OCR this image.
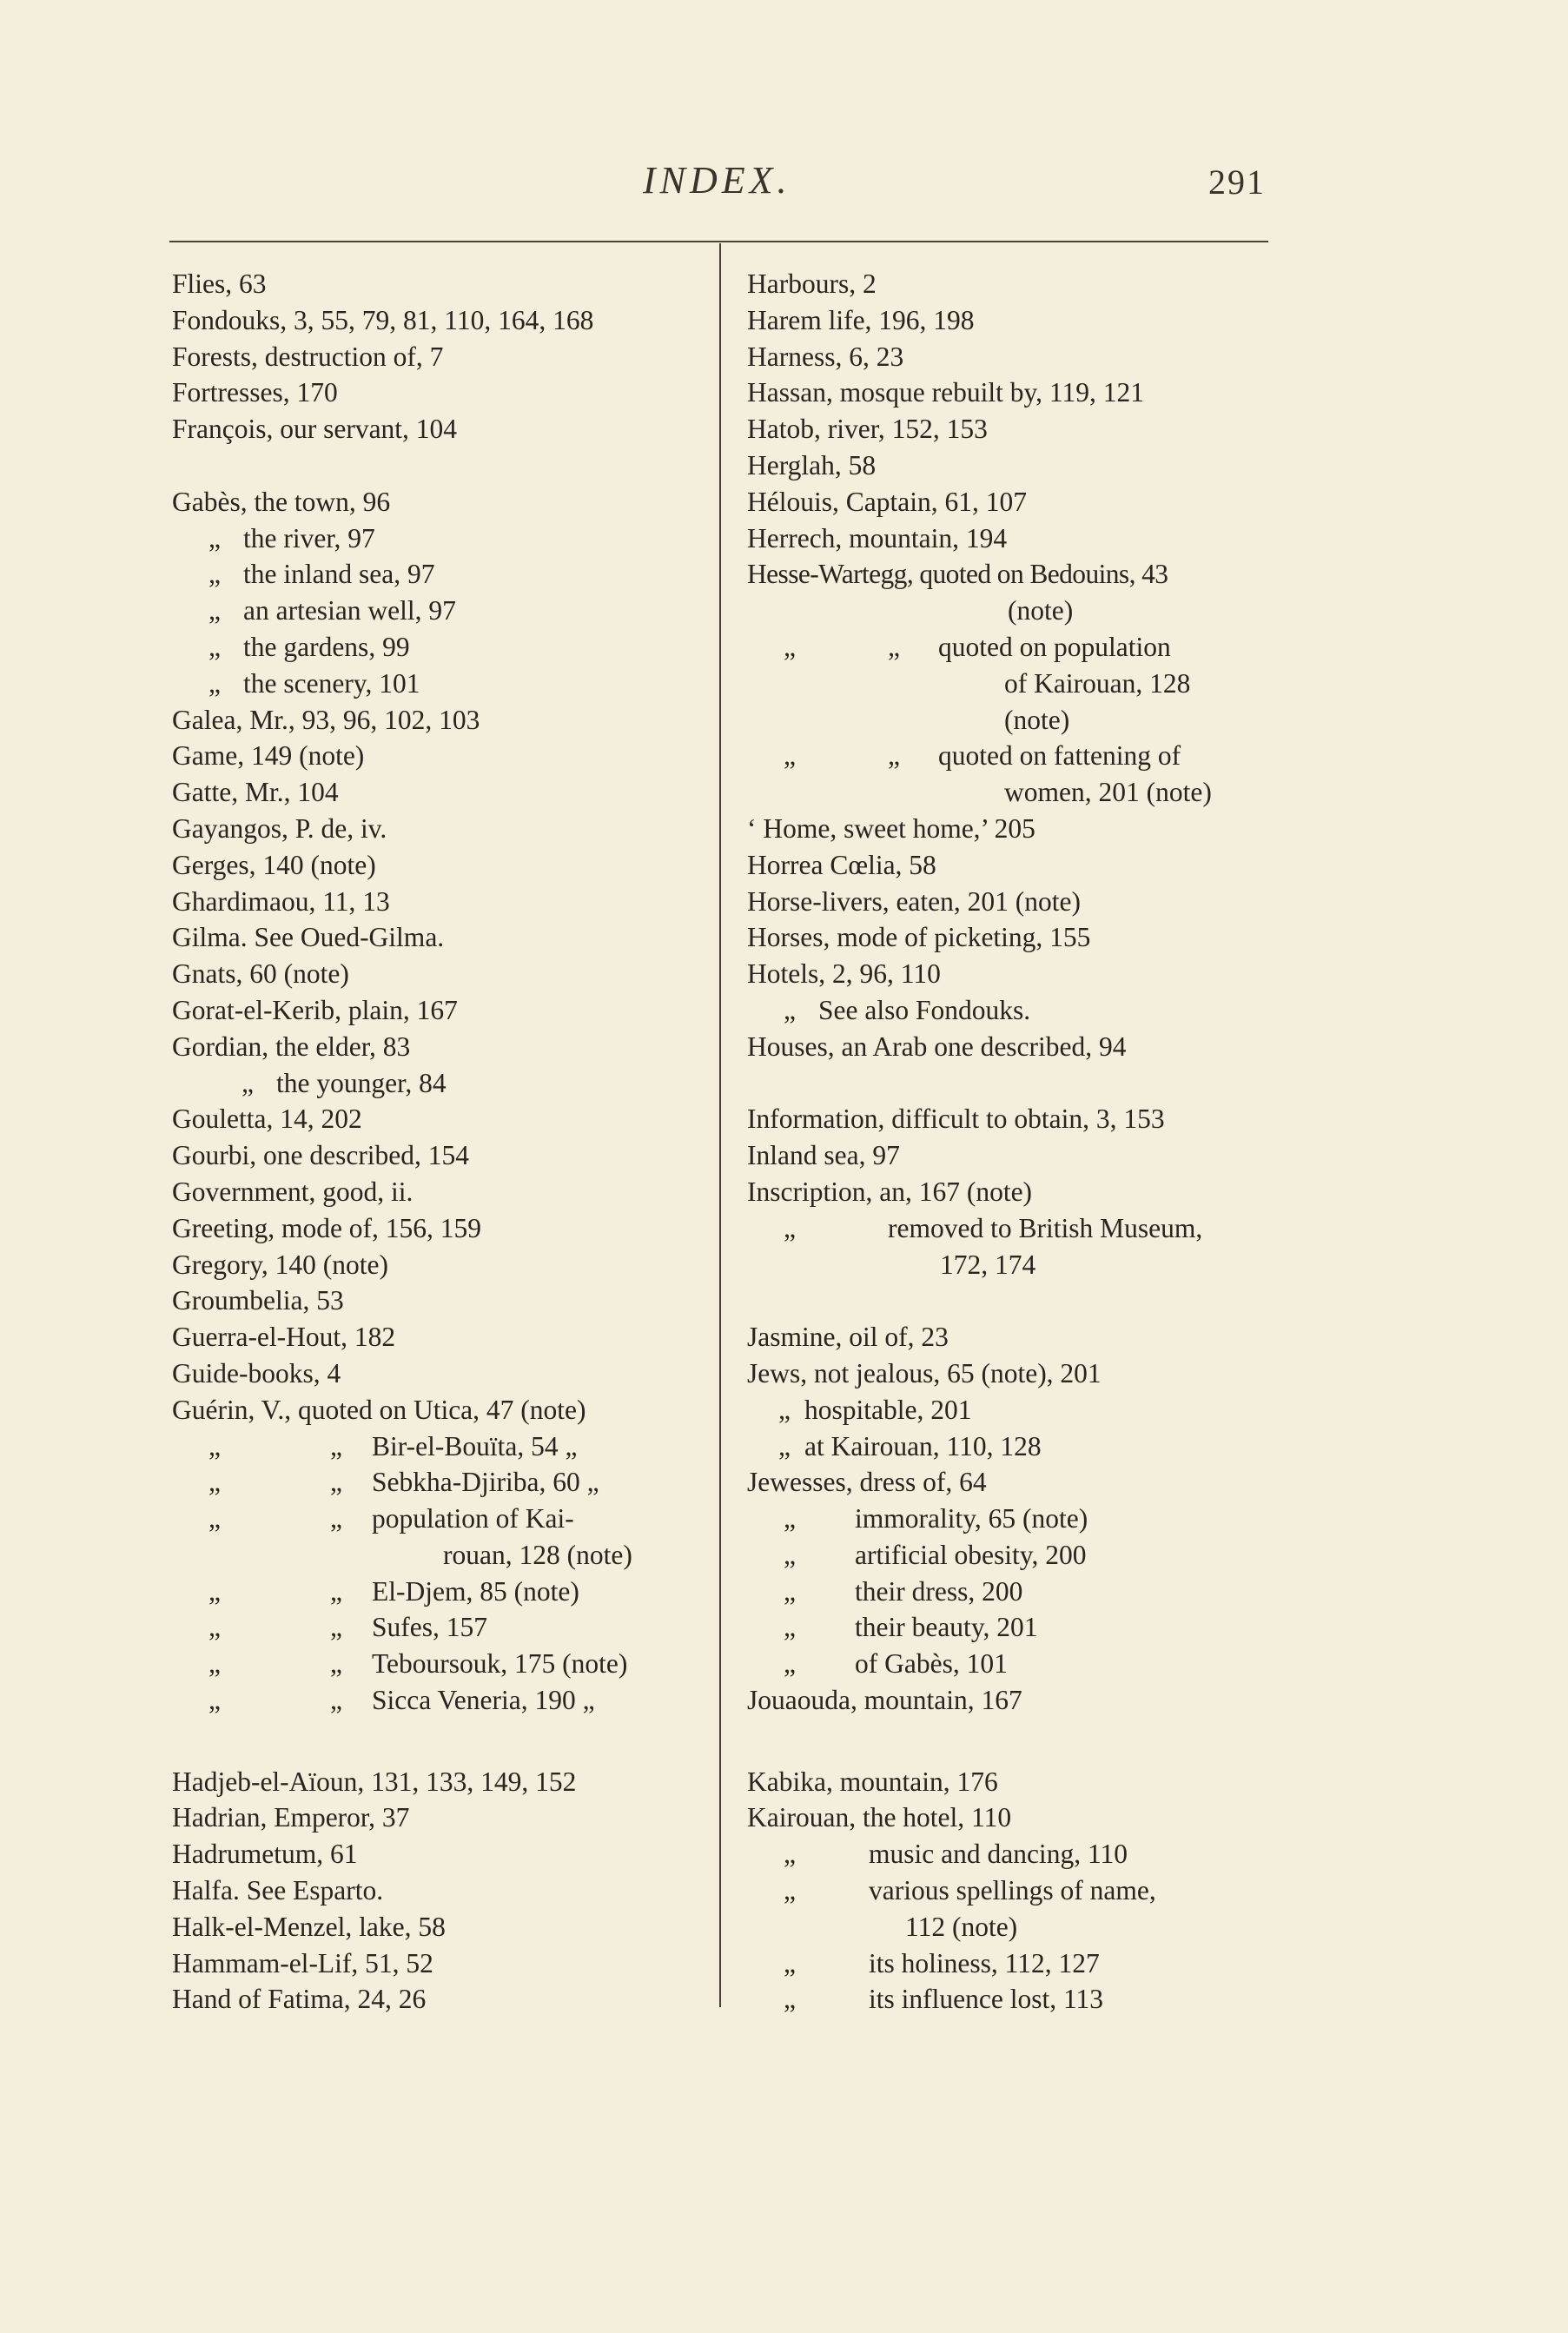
INDEX.	291
Flies, 63
Fondouks, 3, 55, 79, 81, 110, 164, 168
Forests, destruction of, 7
Fortresses, 170
François, our servant, 104
Gabès, the town, 96
„ the river, 97
„ the inland sea, 97
„ an artesian well, 97
„ the gardens, 99
„ the scenery, 101
Galea, Mr., 93, 96, 102, 103
Game, 149 (note)
Gatte, Mr., 104
Gayangos, P. de, iv.
Gerges, 140 (note)
Ghardimaou, 11, 13
Gilma. See Oued-Gilma.
Gnats, 60 (note)
Gorat-el-Kerib, plain, 167
Gordian, the elder, 83
„ the younger, 84
Gouletta, 14, 202
Gourbi, one described, 154
Government, good, ii.
Greeting, mode of, 156, 159
Gregory, 140 (note)
Groumbelia, 53
Guerra-el-Hout, 182
Guide-books, 4
Guérin, V., quoted on Utica, 47 (note)
„	„ Bir-el-Bouïta, 54 „
„	„ Sebkha-Djiriba, 60 „
„	„ population of Kai-
rouan, 128 (note)
„	„ El-Djem, 85 (note)
„	„ Sufes, 157
„	„ Teboursouk, 175 (note)
„	„ Sicca Veneria, 190 „
Hadjeb-el-Aïoun, 131, 133, 149, 152
Hadrian, Emperor, 37
Hadrumetum, 61
Halfa. See Esparto.
Halk-el-Menzel, lake, 58
Hammam-el-Lif, 51, 52
Hand of Fatima, 24, 26
Harbours, 2
Harem life, 196, 198
Harness, 6, 23
Hassan, mosque rebuilt by, 119, 121
Hatob, river, 152, 153
Herglah, 58
Hélouis, Captain, 61, 107
Herrech, mountain, 194
Hesse-Wartegg, quoted on Bedouins, 43
(note)
„	„ quoted on population
of Kairouan, 128
(note)
„	„ quoted on fattening of
women, 201 (note)
‘ Home, sweet home,’ 205
Horrea Cœlia, 58
Horse-livers, eaten, 201 (note)
Horses, mode of picketing, 155
Hotels, 2, 96, 110
„ See also Fondouks.
Houses, an Arab one described, 94
Information, difficult to obtain, 3, 153
Inland sea, 97
Inscription, an, 167 (note)
„	removed to British Museum,
172, 174
Jasmine, oil of, 23
Jews, not jealous, 65 (note), 201
„ hospitable, 201
„ at Kairouan, 110, 128
Jewesses, dress of, 64
„ immorality, 65 (note)
„ artificial obesity, 200
„ their dress, 200
„ their beauty, 201
„ of Gabès, 101
Jouaouda, mountain, 167
Kabika, mountain, 176
Kairouan, the hotel, 110
„	music and dancing, 110
„	various spellings of name,
112 (note)
„	its holiness, 112, 127
„	its influence lost, 113
